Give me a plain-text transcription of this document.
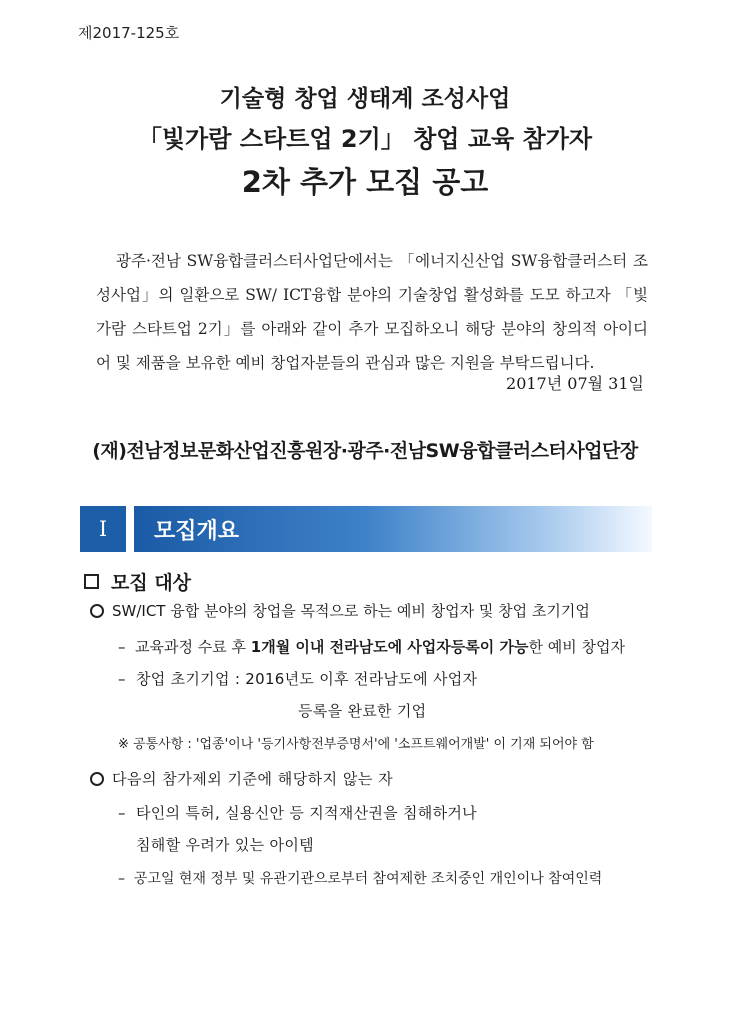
제2017-125호
기술형 창업 생태계 조성사업
「빛가람 스타트업 2기」 창업 교육 참가자
2차 추가 모집 공고
광주·전남 SW융합클러스터사업단에서는 「에너지신산업 SW융합클러스터 조성사업」의 일환으로 SW/ ICT융합 분야의 기술창업 활성화를 도모 하고자 「빛가람 스타트업 2기」를 아래와 같이 추가 모집하오니 해당 분야의 창의적 아이디어 및 제품을 보유한 예비 창업자분들의 관심과 많은 지원을 부탁드립니다.
2017년 07월 31일
(재)전남정보문화산업진흥원장·광주·전남SW융합클러스터사업단장
I	모집개요
모집 대상
SW/ICT 융합 분야의 창업을 목적으로 하는 예비 창업자 및 창업 초기기업
– 교육과정 수료 후 1개월 이내 전라남도에 사업자등록이 가능한 예비 창업자
– 창업 초기기업 : 2016년도 이후 전라남도에 사업자
등록을 완료한 기업
※ 공통사항 : '업종'이나 '등기사항전부증명서'에 '소프트웨어개발' 이 기재 되어야 함
다음의 참가제외 기준에 해당하지 않는 자
– 타인의 특허, 실용신안 등 지적재산권을 침해하거나
침해할 우려가 있는 아이템
– 공고일 현재 정부 및 유관기관으로부터 참여제한 조치중인 개인이나 참여인력
